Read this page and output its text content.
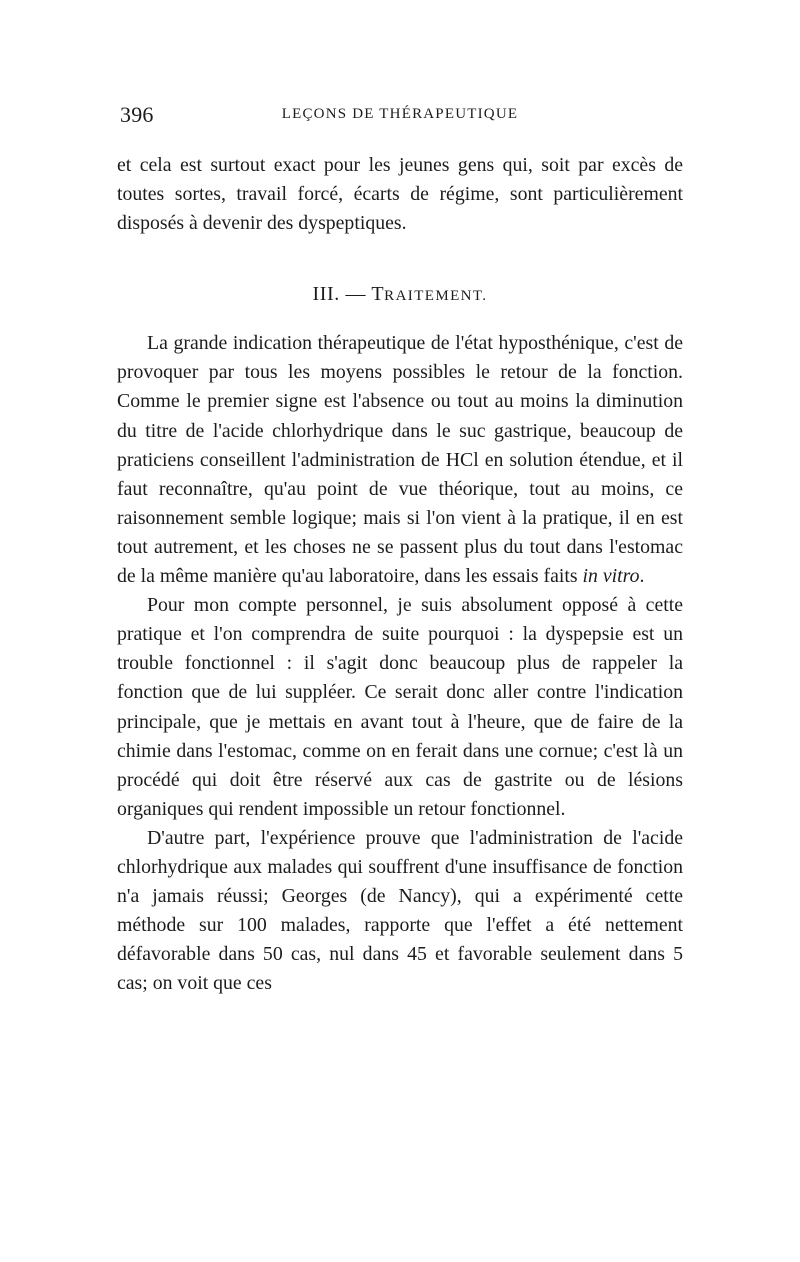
396	LEÇONS DE THÉRAPEUTIQUE

et cela est surtout exact pour les jeunes gens qui, soit par excès de toutes sortes, travail forcé, écarts de régime, sont particulièrement disposés à devenir des dyspeptiques.

III. — TRAITEMENT.

La grande indication thérapeutique de l'état hyposthénique, c'est de provoquer par tous les moyens possibles le retour de la fonction. Comme le premier signe est l'absence ou tout au moins la diminution du titre de l'acide chlorhydrique dans le suc gastrique, beaucoup de praticiens conseillent l'administration de HCl en solution étendue, et il faut reconnaître, qu'au point de vue théorique, tout au moins, ce raisonnement semble logique; mais si l'on vient à la pratique, il en est tout autrement, et les choses ne se passent plus du tout dans l'estomac de la même manière qu'au laboratoire, dans les essais faits in vitro.

Pour mon compte personnel, je suis absolument opposé à cette pratique et l'on comprendra de suite pourquoi : la dyspepsie est un trouble fonctionnel : il s'agit donc beaucoup plus de rappeler la fonction que de lui suppléer. Ce serait donc aller contre l'indication principale, que je mettais en avant tout à l'heure, que de faire de la chimie dans l'estomac, comme on en ferait dans une cornue; c'est là un procédé qui doit être réservé aux cas de gastrite ou de lésions organiques qui rendent impossible un retour fonctionnel.

D'autre part, l'expérience prouve que l'administration de l'acide chlorhydrique aux malades qui souffrent d'une insuffisance de fonction n'a jamais réussi; Georges (de Nancy), qui a expérimenté cette méthode sur 100 malades, rapporte que l'effet a été nettement défavorable dans 50 cas, nul dans 45 et favorable seulement dans 5 cas; on voit que ces
